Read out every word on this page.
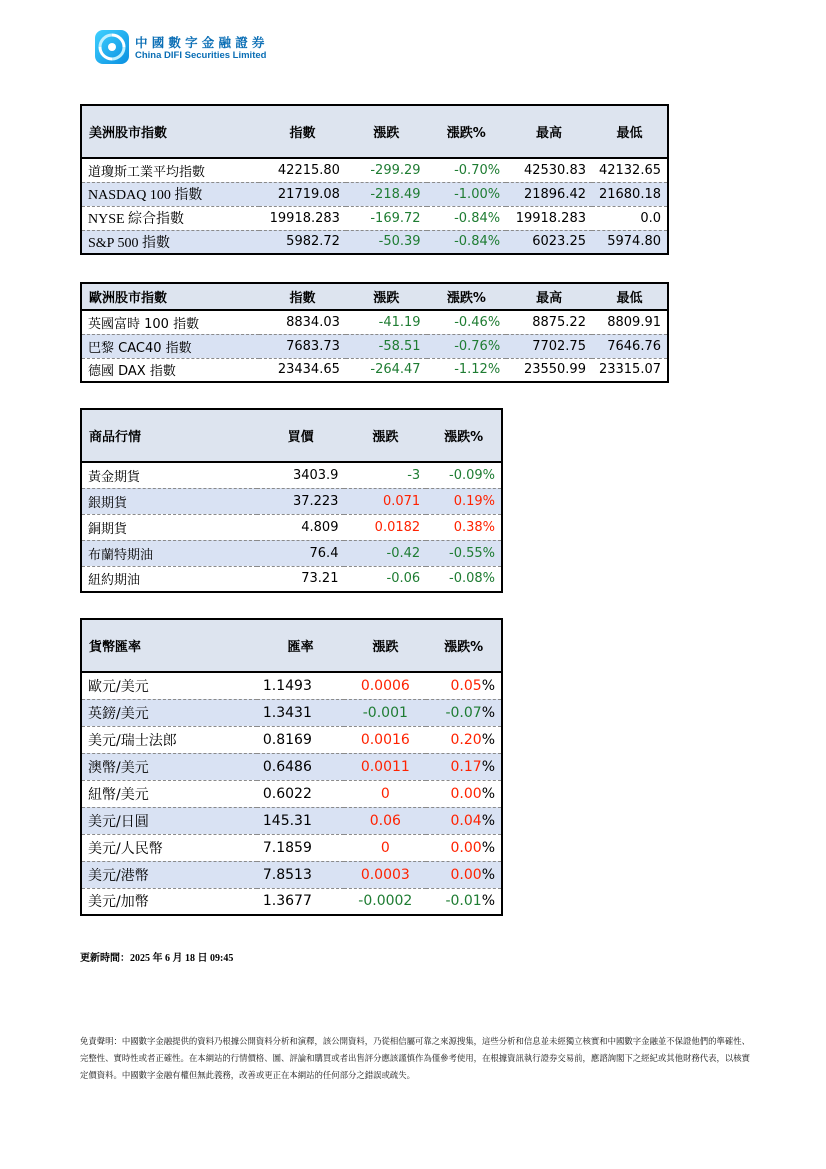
中國數字金融證券
China DIFI Securities Limited
美洲股市指數	指數	漲跌	漲跌%	最高	最低
道瓊斯工業平均指數	42215.80	-299.29	-0.70%	42530.83	42132.65
NASDAQ 100 指數	21719.08	-218.49	-1.00%	21896.42	21680.18
NYSE 綜合指數	19918.283	-169.72	-0.84%	19918.283	0.0
S&P 500 指數	5982.72	-50.39	-0.84%	6023.25	5974.80
歐洲股市指數	指數	漲跌	漲跌%	最高	最低
英國富時 100 指數	8834.03	-41.19	-0.46%	8875.22	8809.91
巴黎 CAC40 指數	7683.73	-58.51	-0.76%	7702.75	7646.76
德國 DAX 指數	23434.65	-264.47	-1.12%	23550.99	23315.07
商品行情	買價	漲跌	漲跌%
黃金期貨	3403.9	-3	-0.09%
銀期貨	37.223	0.071	0.19%
銅期貨	4.809	0.0182	0.38%
布蘭特期油	76.4	-0.42	-0.55%
紐約期油	73.21	-0.06	-0.08%
貨幣匯率	匯率	漲跌	漲跌%
歐元/美元	1.1493	0.0006	0.05%
英鎊/美元	1.3431	-0.001	-0.07%
美元/瑞士法郎	0.8169	0.0016	0.20%
澳幣/美元	0.6486	0.0011	0.17%
紐幣/美元	0.6022	0	0.00%
美元/日圓	145.31	0.06	0.04%
美元/人民幣	7.1859	0	0.00%
美元/港幣	7.8513	0.0003	0.00%
美元/加幣	1.3677	-0.0002	-0.01%
更新時間：2025 年 6 月 18 日 09:45
免責聲明：中國數字金融提供的資料乃根據公開資料分析和演釋，該公開資料，乃從相信屬可靠之來源搜集，這些分析和信息並未經獨立核實和中國數字金融並不保證他們的準確性、完整性、實時性或者正確性。在本網站的行情價格、圖、評論和購買或者出售評分應該謹慎作為僅參考使用，在根據資訊執行證券交易前，應諮詢閣下之經紀或其他財務代表，以核實定價資料。中國數字金融有權但無此義務，改善或更正在本網站的任何部分之錯誤或疏失。
